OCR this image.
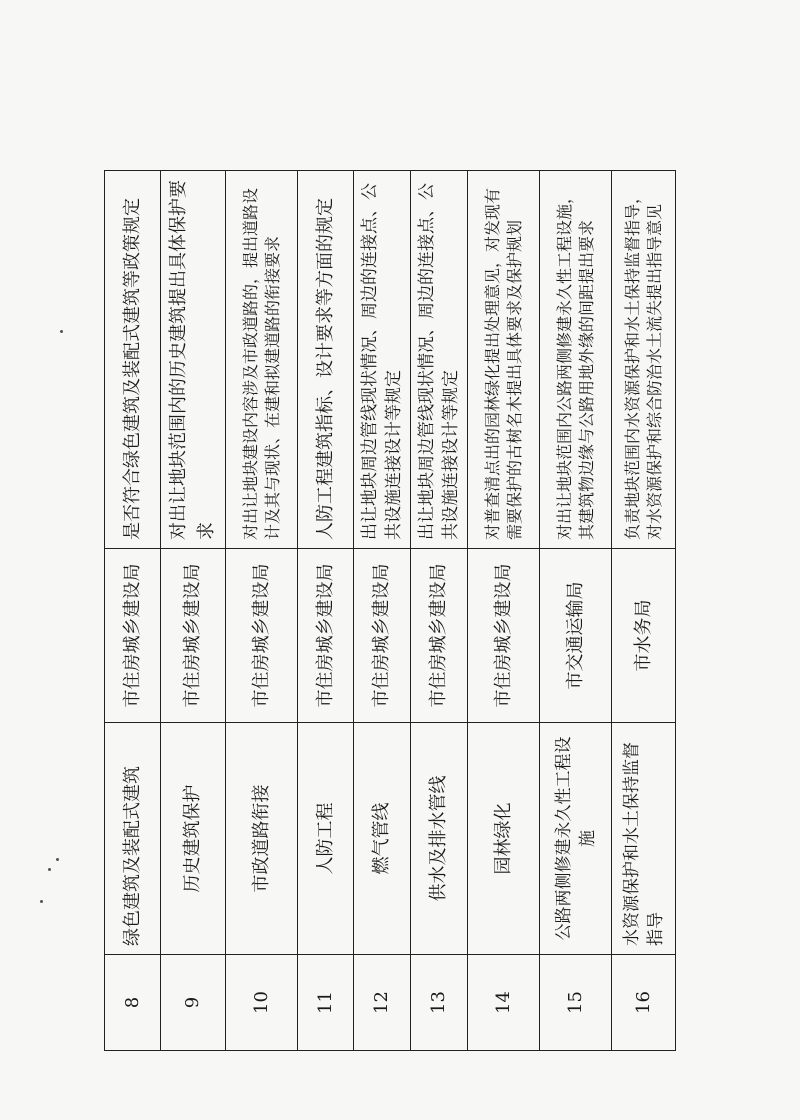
8	绿色建筑及装配式建筑	市住房城乡建设局	是否符合绿色建筑及装配式建筑等政策规定
9	历史建筑保护	市住房城乡建设局	对出让地块范围内的历史建筑提出具体保护要求
10	市政道路衔接	市住房城乡建设局	对出让地块建设内容涉及市政道路的，提出道路设计及其与现状、在建和拟建道路的衔接要求
11	人防工程	市住房城乡建设局	人防工程建筑指标、设计要求等方面的规定
12	燃气管线	市住房城乡建设局	出让地块周边管线现状情况、周边的连接点、公共设施连接设计等规定
13	供水及排水管线	市住房城乡建设局	出让地块周边管线现状情况、周边的连接点、公共设施连接设计等规定
14	园林绿化	市住房城乡建设局	对普查清点出的园林绿化提出处理意见，对发现有需要保护的古树名木提出具体要求及保护规划
15	公路两侧修建永久性工程设施	市交通运输局	对出让地块范围内公路两侧修建永久性工程设施，其建筑物边缘与公路用地外缘的间距提出要求
16	水资源保护和水土保持监督指导	市水务局	负责地块范围内水资源保护和水土保持监督指导，对水资源保护和综合防治水土流失提出指导意见
